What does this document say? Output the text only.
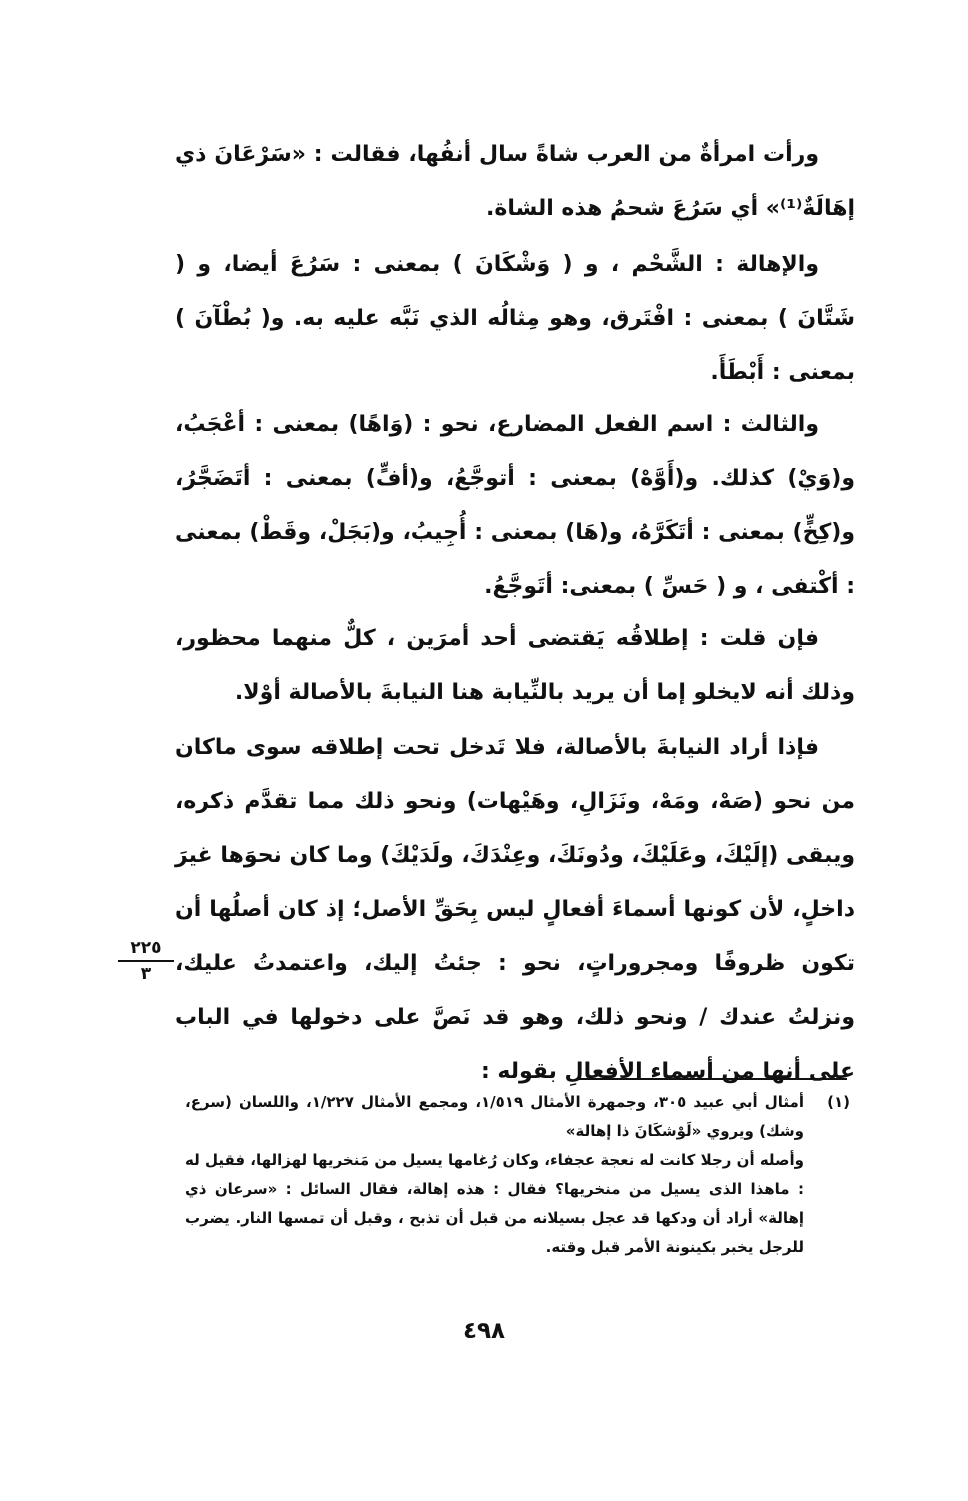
ورأت امرأةٌ من العرب شاةً سال أنفُها، فقالت : «سَرْعَانَ ذي إهَالَةٌ⁽¹⁾» أي سَرُعَ شحمُ هذه الشاة.

والإهالة : الشَّحْم ، و ( وَشْكَانَ ) بمعنى : سَرُعَ أيضا، و ( شَتَّانَ ) بمعنى : افْتَرق، وهو مِثالُه الذي نَبَّه عليه به. و( بُطْآنَ ) بمعنى : أَبْطَأَ.

والثالث : اسم الفعل المضارع، نحو : (وَاهًا) بمعنى : أعْجَبُ، و(وَيْ) كذلك. و(أَوَّهْ) بمعنى : أتوجَّعُ، و(أفٍّ) بمعنى : أتَضَجَّرُ، و(كِخٍّ) بمعنى : أتَكَرَّهُ، و(هَا) بمعنى : أُجِيبُ، و(بَجَلْ، وقَطْ) بمعنى : أكْتفى ، و ( حَسِّ ) بمعنى: أتَوجَّعُ.

فإن قلت : إطلاقُه يَقتضى أحد أمرَين ، كلٌّ منهما محظور، وذلك أنه لايخلو إما أن يريد بالنِّيابة هنا النيابةَ بالأصالة أوْلا.

فإذا أراد النيابةَ بالأصالة، فلا تَدخل تحت إطلاقه سوى ماكان من نحو (صَهْ، ومَهْ، ونَزَالِ، وهَيْهات) ونحو ذلك مما تقدَّم ذكره، ويبقى (إلَيْكَ، وعَلَيْكَ، ودُونَكَ، وعِنْدَكَ، ولَدَيْكَ) وما كان نحوَها غيرَ داخلٍ، لأن كونها أسماءَ أفعالٍ ليس بِحَقِّ الأصل؛ إذ كان أصلُها أن تكون ظروفًا ومجروراتٍ، نحو : جئتُ إليك، واعتمدتُ عليك، ونزلتُ عندك / ونحو ذلك، وهو قد نَصَّ على دخولها في الباب على أنها من أسماء الأفعالِ بقوله :

٢٢٥
٣
(١)

أمثال أبي عبيد ٣٠٥، وجمهرة الأمثال ١/٥١٩، ومجمع الأمثال ١/٢٢٧، واللسان (سرع، وشك) ويروي «لَوْشكَانَ ذا إهالة»

وأصله أن رجلا كانت له نعجة عجفاء، وكان رُغامها يسيل من مَنخريها لهزالها، فقيل له : ماهذا الذى يسيل من منخريها؟ فقال : هذه إهالة، فقال السائل : «سرعان ذي إهالة» أراد أن ودكها قد عجل بسيلانه من قبل أن تذبح ، وقبل أن تمسها النار. يضرب للرجل يخبر بكينونة الأمر قبل وقته.

٤٩٨
